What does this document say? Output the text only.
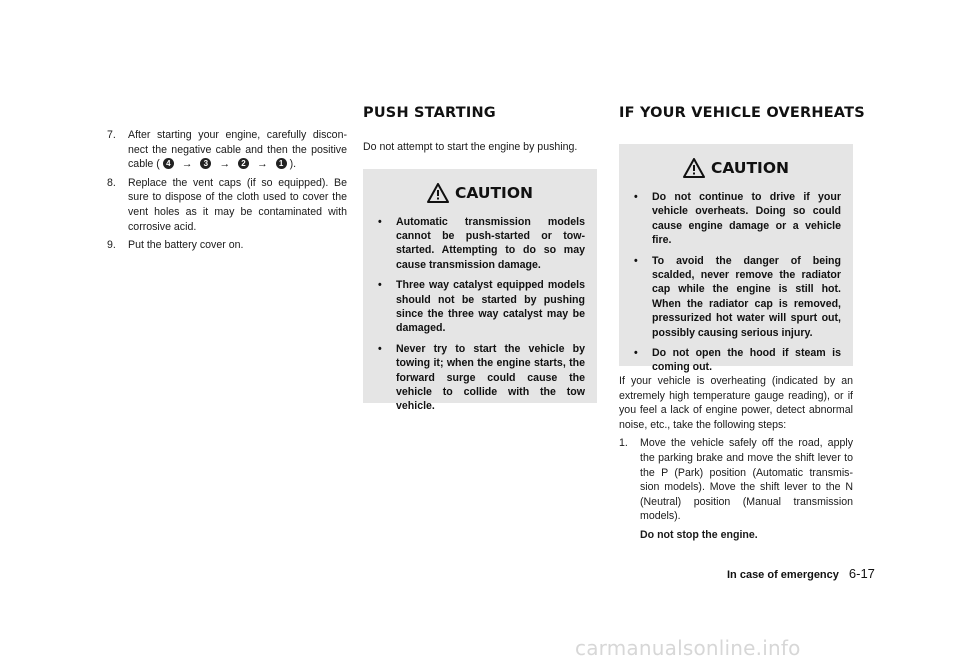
7. After starting your engine, carefully discon-nect the negative cable and then the positive cable ( 4 → 3 → 2 → 1 ).
8. Replace the vent caps (if so equipped). Be sure to dispose of the cloth used to cover the vent holes as it may be contaminated with corrosive acid.
9. Put the battery cover on.
PUSH STARTING	IF YOUR VEHICLE OVERHEATS
Do not attempt to start the engine by pushing.
CAUTION
• Automatic transmission models cannot be push-started or tow-started. Attempting to do so may cause transmission damage.
• Three way catalyst equipped models should not be started by pushing since the three way catalyst may be damaged.
• Never try to start the vehicle by towing it; when the engine starts, the forward surge could cause the vehicle to collide with the tow vehicle.
CAUTION
• Do not continue to drive if your vehicle overheats. Doing so could cause engine damage or a vehicle fire.
• To avoid the danger of being scalded, never remove the radiator cap while the engine is still hot. When the radiator cap is removed, pressurized hot water will spurt out, possibly causing serious injury.
• Do not open the hood if steam is coming out.
If your vehicle is overheating (indicated by an extremely high temperature gauge reading), or if you feel a lack of engine power, detect abnormal noise, etc., take the following steps:
1. Move the vehicle safely off the road, apply the parking brake and move the shift lever to the P (Park) position (Automatic transmis-sion models). Move the shift lever to the N (Neutral) position (Manual transmission models).
Do not stop the engine.
In case of emergency 6-17
carmanualsonline.info
